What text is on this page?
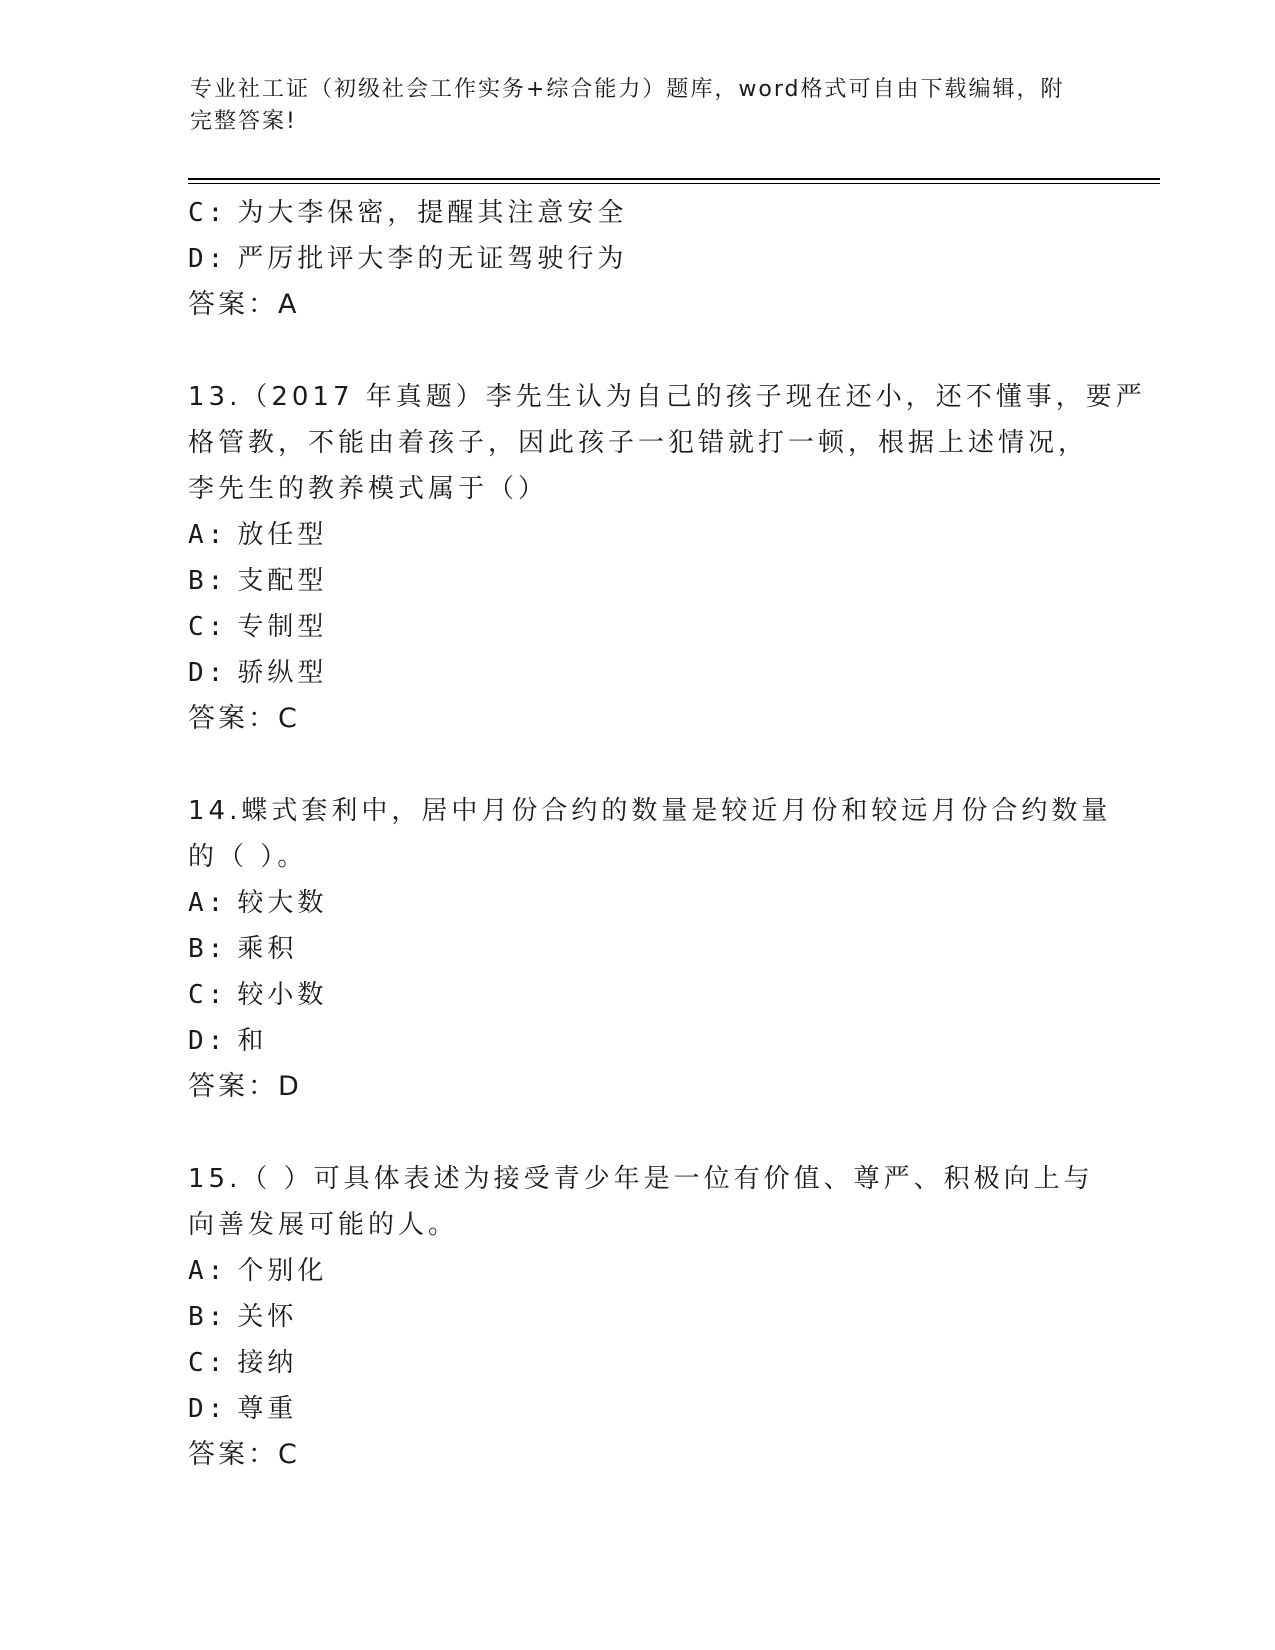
专业社工证（初级社会工作实务+综合能力）题库，word格式可自由下载编辑，附
完整答案!
C: 为大李保密，提醒其注意安全
D: 严厉批评大李的无证驾驶行为
答案：A
13.（2017 年真题）李先生认为自己的孩子现在还小，还不懂事，要严
格管教，不能由着孩子，因此孩子一犯错就打一顿，根据上述情况，
李先生的教养模式属于（）
A: 放任型
B: 支配型
C: 专制型
D: 骄纵型
答案：C
14.蝶式套利中，居中月份合约的数量是较近月份和较远月份合约数量
的（ ）。
A: 较大数
B: 乘积
C: 较小数
D: 和
答案：D
15.（ ）可具体表述为接受青少年是一位有价值、尊严、积极向上与
向善发展可能的人。
A: 个别化
B: 关怀
C: 接纳
D: 尊重
答案：C
